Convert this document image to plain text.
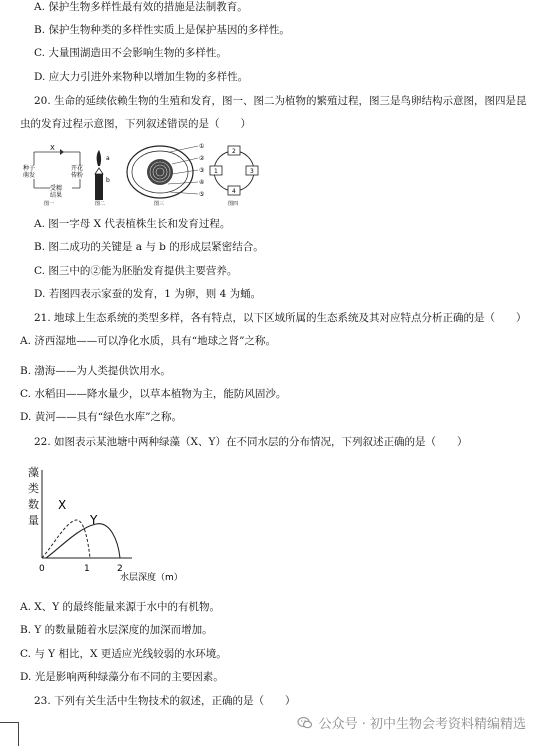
A. 保护生物多样性最有效的措施是法制教育。
B. 保护生物种类的多样性实质上是保护基因的多样性。
C. 大量围湖造田不会影响生物的多样性。
D. 应大力引进外来物种以增加生物的多样性。
20. 生命的延续依赖生物的生殖和发育，图一、图二为植物的繁殖过程，图三是鸟卵结构示意图，图四是昆
虫的发育过程示意图，下列叙述错误的是（　　）
X
种子
萌发
开花
传粉
受精
结果
图一
a
b
图二
①
②
③
④
⑤
图三
2
1	3
4
图四
A. 图一字母 X 代表植株生长和发育过程。
B. 图二成功的关键是 a 与 b 的形成层紧密结合。
C. 图三中的②能为胚胎发育提供主要营养。
D. 若图四表示家蚕的发育，1 为卵，则 4 为蛹。
21. 地球上生态系统的类型多样，各有特点，以下区域所属的生态系统及其对应特点分析正确的是（　　）
A. 济西湿地——可以净化水质，具有“地球之肾”之称。
B. 渤海——为人类提供饮用水。
C. 水稻田——降水量少，以草本植物为主，能防风固沙。
D. 黄河——具有“绿色水库”之称。
22. 如图表示某池塘中两种绿藻（X、Y）在不同水层的分布情况，下列叙述正确的是（　　）
藻
类
数
量
X
Y
0	1	2
水层深度（m）
A. X、Y 的最终能量来源于水中的有机物。
B. Y 的数量随着水层深度的加深而增加。
C. 与 Y 相比，X 更适应光线较弱的水环境。
D. 光是影响两种绿藻分布不同的主要因素。
23. 下列有关生活中生物技术的叙述，正确的是（　　）
公众号 · 初中生物会考资料精编精选
